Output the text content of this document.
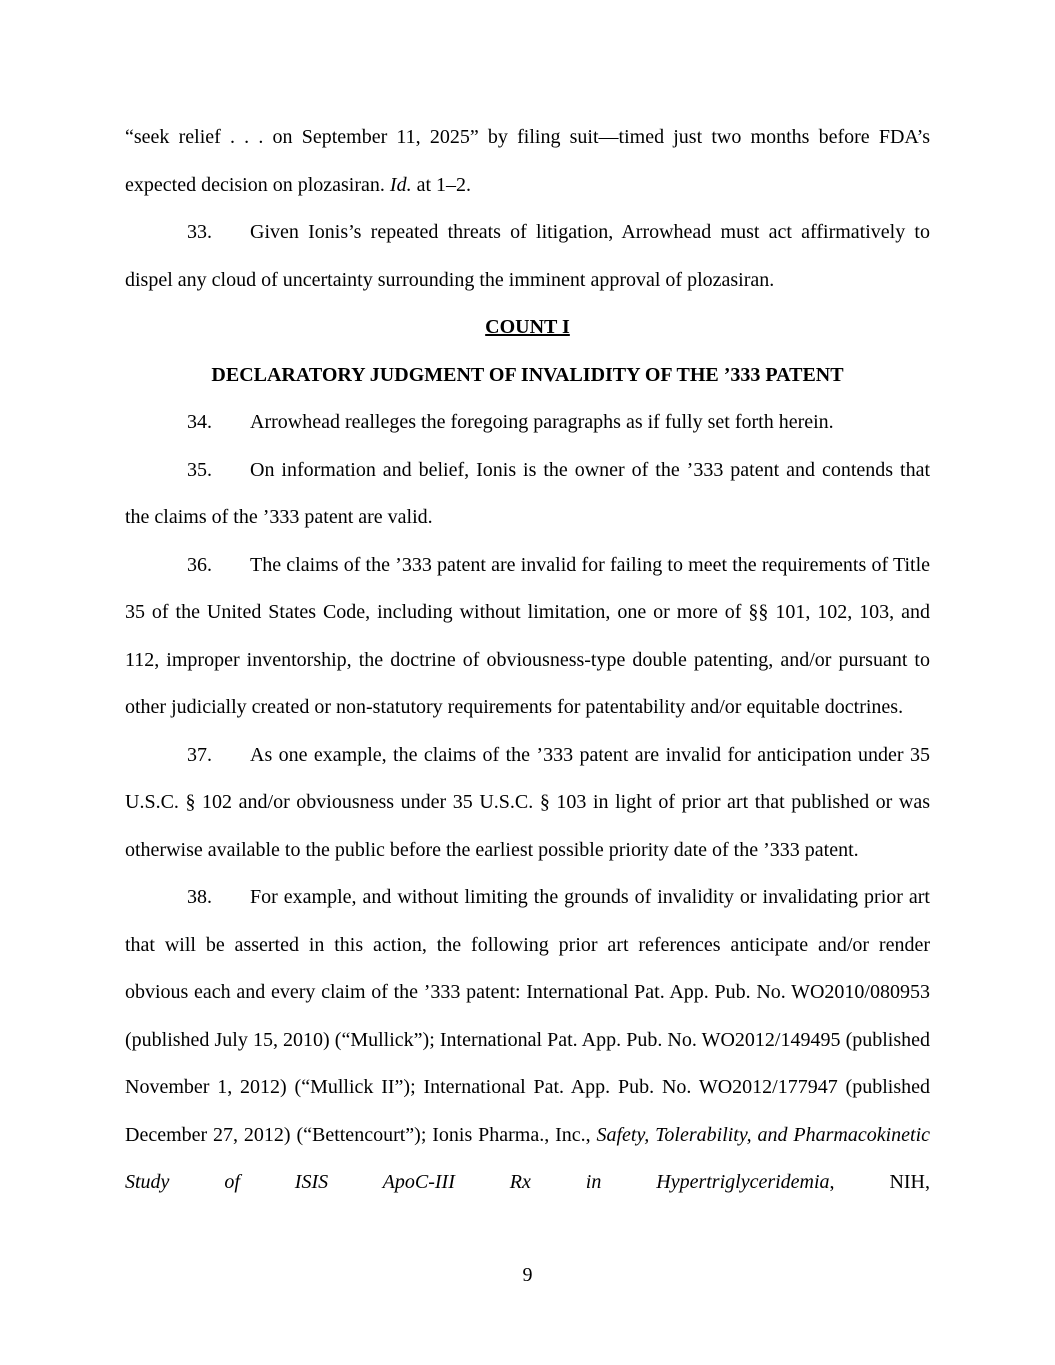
“seek relief . . . on September 11, 2025” by filing suit—timed just two months before FDA’s expected decision on plozasiran. Id. at 1–2.

33. Given Ionis’s repeated threats of litigation, Arrowhead must act affirmatively to dispel any cloud of uncertainty surrounding the imminent approval of plozasiran.

COUNT I

DECLARATORY JUDGMENT OF INVALIDITY OF THE ’333 PATENT

34. Arrowhead realleges the foregoing paragraphs as if fully set forth herein.

35. On information and belief, Ionis is the owner of the ’333 patent and contends that the claims of the ’333 patent are valid.

36. The claims of the ’333 patent are invalid for failing to meet the requirements of Title 35 of the United States Code, including without limitation, one or more of §§ 101, 102, 103, and 112, improper inventorship, the doctrine of obviousness-type double patenting, and/or pursuant to other judicially created or non-statutory requirements for patentability and/or equitable doctrines.

37. As one example, the claims of the ’333 patent are invalid for anticipation under 35 U.S.C. § 102 and/or obviousness under 35 U.S.C. § 103 in light of prior art that published or was otherwise available to the public before the earliest possible priority date of the ’333 patent.

38. For example, and without limiting the grounds of invalidity or invalidating prior art that will be asserted in this action, the following prior art references anticipate and/or render obvious each and every claim of the ’333 patent: International Pat. App. Pub. No. WO2010/080953 (published July 15, 2010) (“Mullick”); International Pat. App. Pub. No. WO2012/149495 (published November 1, 2012) (“Mullick II”); International Pat. App. Pub. No. WO2012/177947 (published December 27, 2012) (“Bettencourt”); Ionis Pharma., Inc., Safety, Tolerability, and Pharmacokinetic Study of ISIS ApoC-III Rx in Hypertriglyceridemia, NIH,

9
